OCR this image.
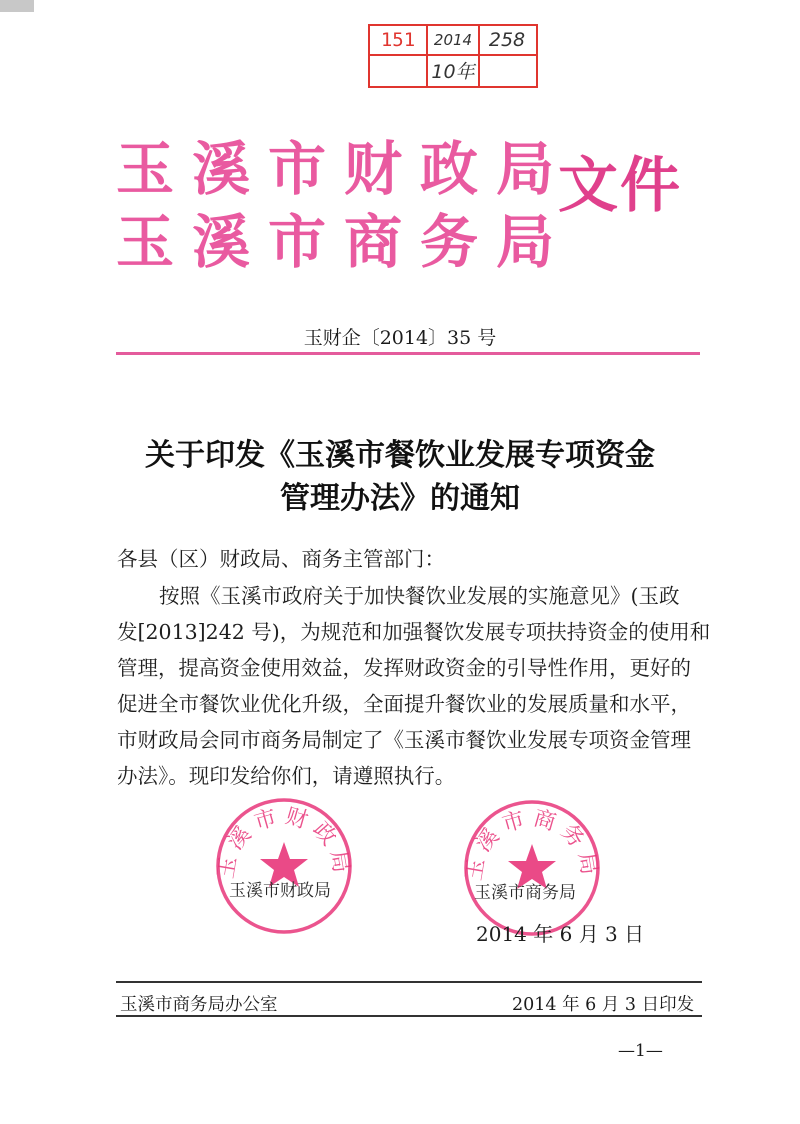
151	2014 258
10年
玉溪市财政局
玉溪市商务局
文件
玉财企〔2014〕35 号
关于印发《玉溪市餐饮业发展专项资金
管理办法》的通知
各县（区）财政局、商务主管部门：
按照《玉溪市政府关于加快餐饮业发展的实施意见》(玉政
发[2013]242 号)，为规范和加强餐饮发展专项扶持资金的使用和
管理，提高资金使用效益，发挥财政资金的引导性作用，更好的
促进全市餐饮业优化升级，全面提升餐饮业的发展质量和水平，
市财政局会同市商务局制定了《玉溪市餐饮业发展专项资金管理
办法》。现印发给你们，请遵照执行。
玉溪市财政局
玉溪市财政局
玉溪市商务局
玉溪市商务局
2014 年 6 月 3 日
玉溪市商务局办公室	2014 年 6 月 3 日印发
—1—
